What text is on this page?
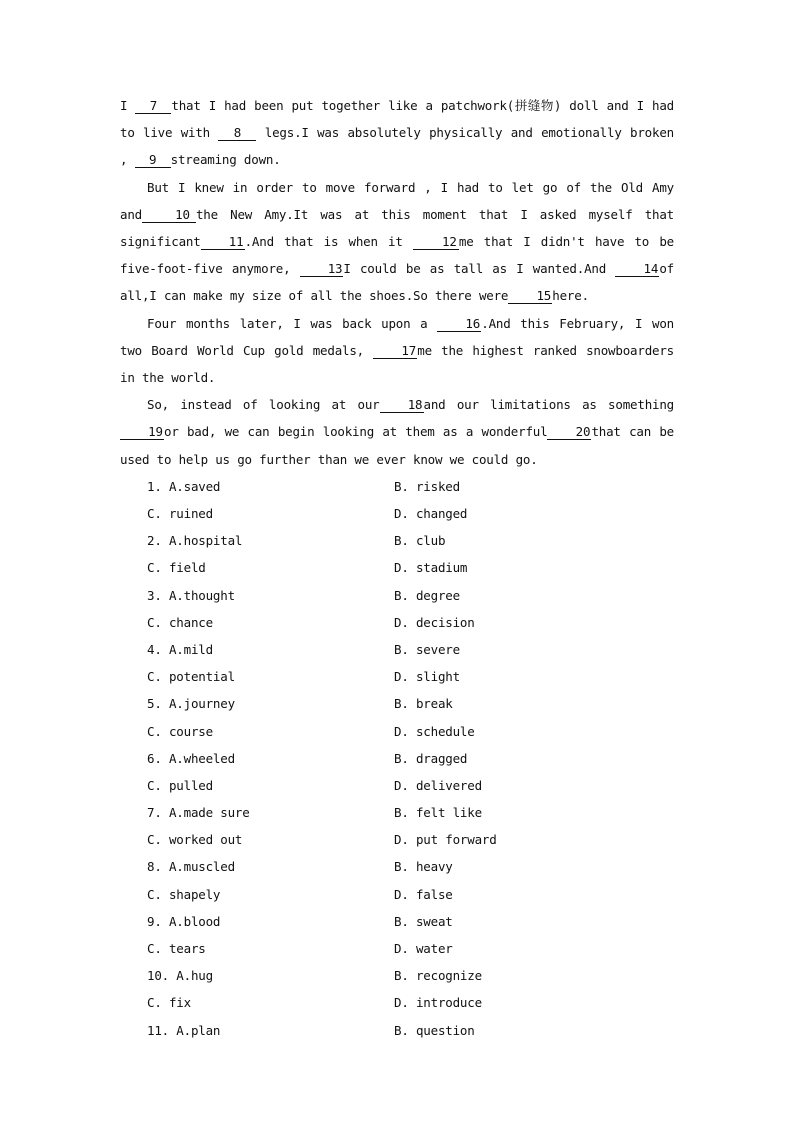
I 7 that I had been put together like a patchwork(拼缝物) doll and I had to live with 8 legs.I was absolutely physically and emotionally broken , 9 streaming down.

But I knew in order to move forward , I had to let go of the Old Amy and	10 the New Amy.It was at this moment that I asked myself that significant 11.And that is when it 12 me that I didn't have to be five-foot-five anymore, 13I could be as tall as I wanted.And 14of all,I can make my size of all the shoes.So there were 15here.

Four months later, I was back upon a 16.And this February, I won two Board World Cup gold medals, 17me the highest ranked snowboarders in the world.

So, instead of looking at our 18and our limitations as something19or bad, we can begin looking at them as a wonderful 20that can be used to help us go further than we ever know we could go.

1. A.saved	B. risked
C. ruined	D. changed
2. A.hospital	B. club
C. field	D. stadium
3. A.thought	B. degree
C. chance	D. decision
4. A.mild	B. severe
C. potential	D. slight
5. A.journey	B. break
C. course	D. schedule
6. A.wheeled	B. dragged
C. pulled	D. delivered
7. A.made sure	B. felt like
C. worked out	D. put forward
8. A.muscled	B. heavy
C. shapely	D. false
9. A.blood	B. sweat
C. tears	D. water
10. A.hug	B. recognize
C. fix	D. introduce
11. A.plan	B. question
